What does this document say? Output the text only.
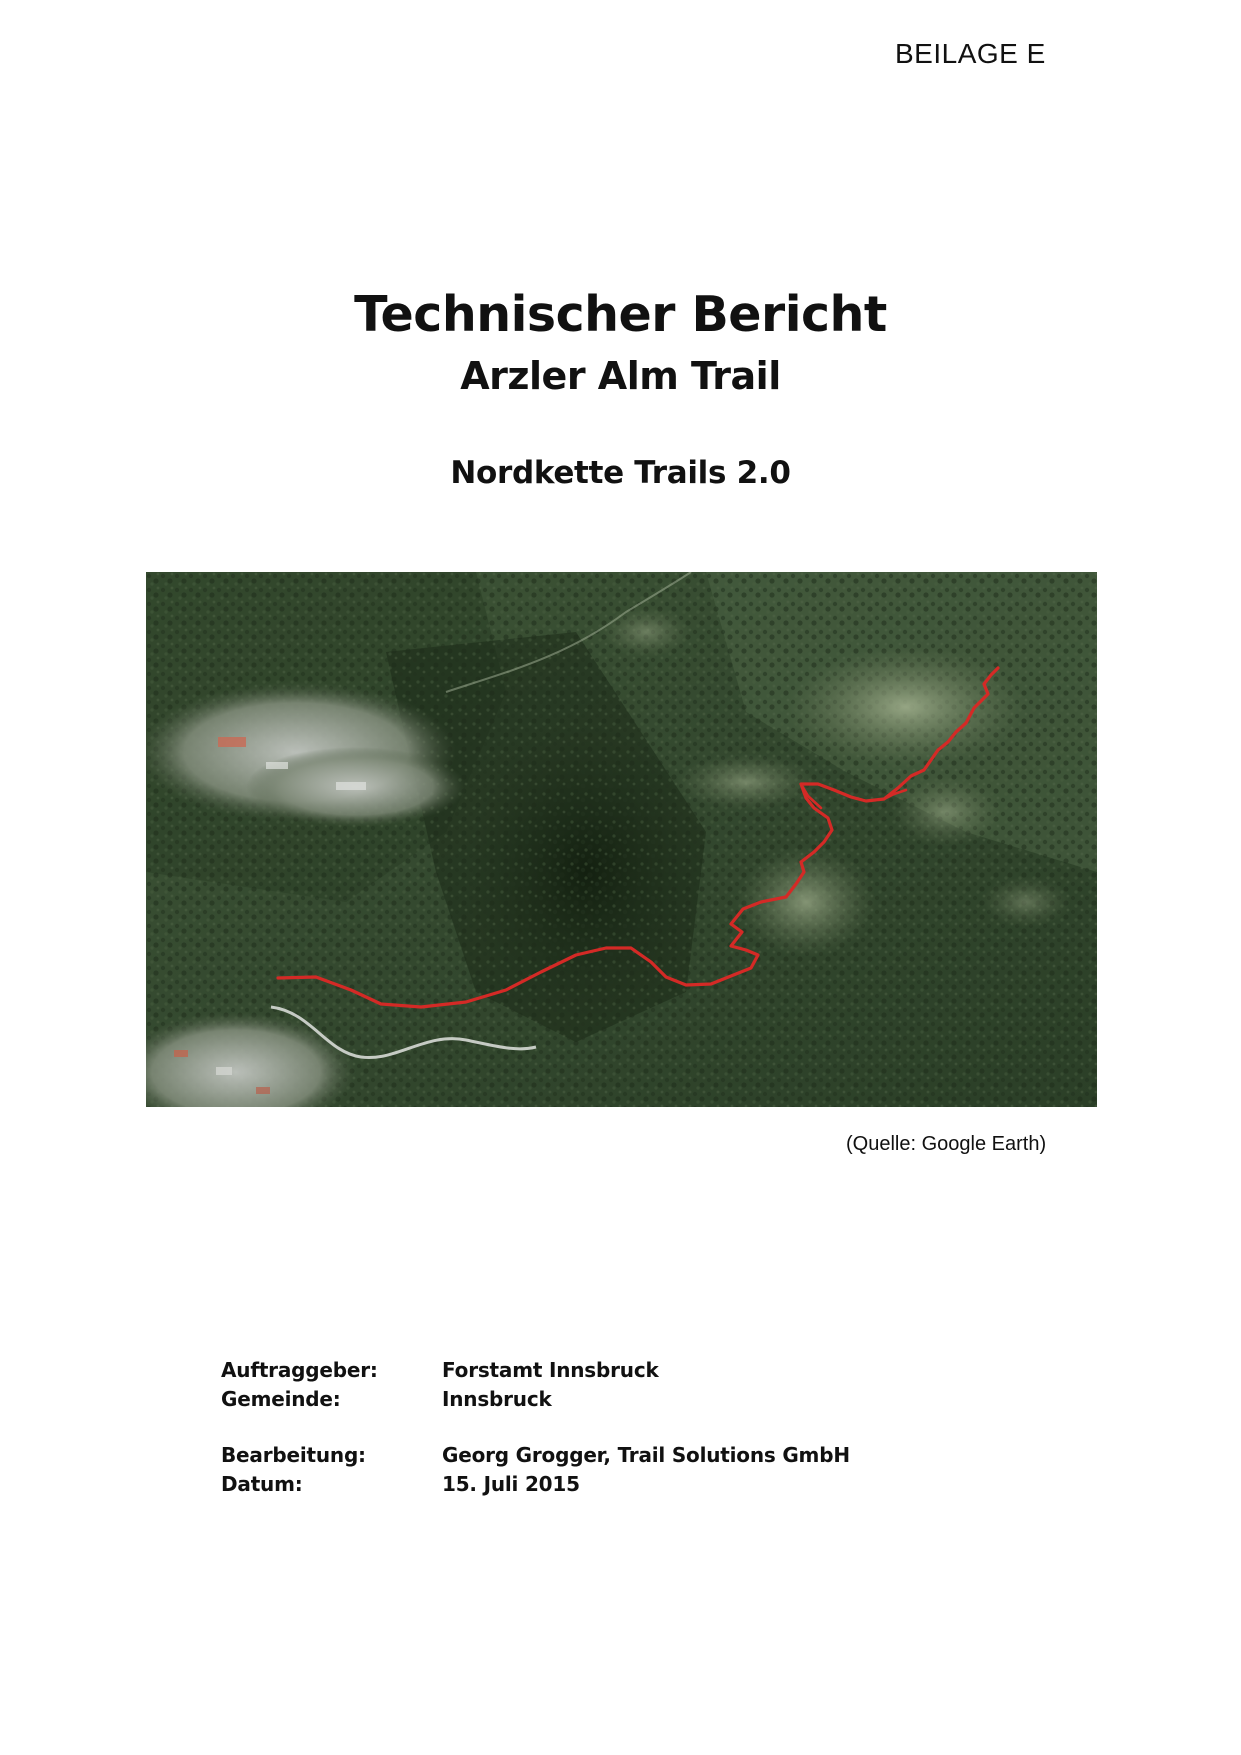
BEILAGE E
Technischer Bericht
Arzler Alm Trail
Nordkette Trails 2.0
(Quelle: Google Earth)
Auftraggeber:	Forstamt Innsbruck
Gemeinde:	Innsbruck
Bearbeitung:	Georg Grogger, Trail Solutions GmbH
Datum:	15. Juli 2015
